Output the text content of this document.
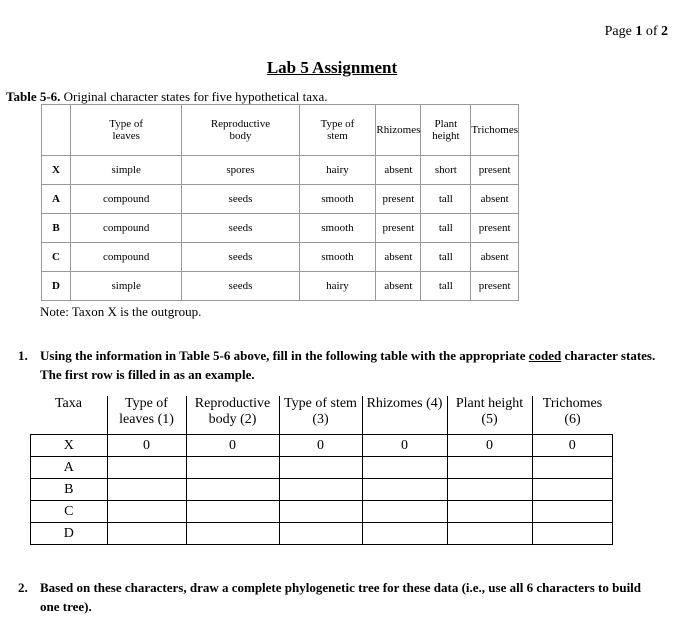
Page 1 of 2
Lab 5 Assignment
Table 5-6. Original character states for five hypothetical taxa.
	Type of leaves	Reproductive body	Type of stem	Rhizomes	Plant height	Trichomes
X	simple	spores	hairy	absent	short	present
A	compound	seeds	smooth	present	tall	absent
B	compound	seeds	smooth	present	tall	present
C	compound	seeds	smooth	absent	tall	absent
D	simple	seeds	hairy	absent	tall	present
Note: Taxon X is the outgroup.
1. Using the information in Table 5-6 above, fill in the following table with the appropriate coded character states. The first row is filled in as an example.
Taxa	Type of leaves (1)	Reproductive body (2)	Type of stem (3)	Rhizomes (4)	Plant height (5)	Trichomes (6)
X	0	0	0	0	0	0
A						
B						
C						
D						
2. Based on these characters, draw a complete phylogenetic tree for these data (i.e., use all 6 characters to build one tree).
